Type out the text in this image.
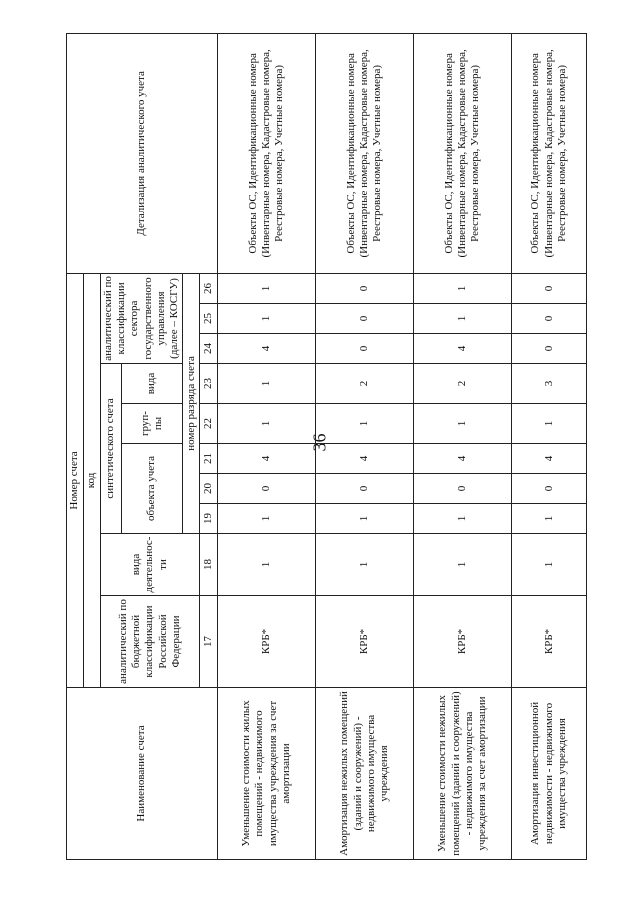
36
Наименование счета	Номер счета										Детализация аналитического учета
	код										
	аналитический по бюджетной классификации Российской Федерации	вида деятельнос-ти	синтетического счета					аналитический по классификации сектора государственного управления (далее – КОСГУ)			
			объекта учета			груп-пы	вида				
			номер разряда счета								
	17	18	19	20	21	22	23	24	25	26	
Уменьшение стоимости жилых помещений - недвижимого имущества учреждения за счет амортизации	КРБ*	1	1	0	4	1	1	4	1	1	Объекты ОС, Идентификационные номера (Инвентарные номера, Кадастровые номера, Реестровые номера, Учетные номера)
Амортизация нежилых помещений (зданий и сооружений) - недвижимого имущества учреждения	КРБ*	1	1	0	4	1	2	0	0	0	Объекты ОС, Идентификационные номера (Инвентарные номера, Кадастровые номера, Реестровые номера, Учетные номера)
Уменьшение стоимости нежилых помещений (зданий и сооружений) - недвижимого имущества учреждения за счет амортизации	КРБ*	1	1	0	4	1	2	4	1	1	Объекты ОС, Идентификационные номера (Инвентарные номера, Кадастровые номера, Реестровые номера, Учетные номера)
Амортизация инвестиционной недвижимости - недвижимого имущества учреждения	КРБ*	1	1	0	4	1	3	0	0	0	Объекты ОС, Идентификационные номера (Инвентарные номера, Кадастровые номера, Реестровые номера, Учетные номера)
